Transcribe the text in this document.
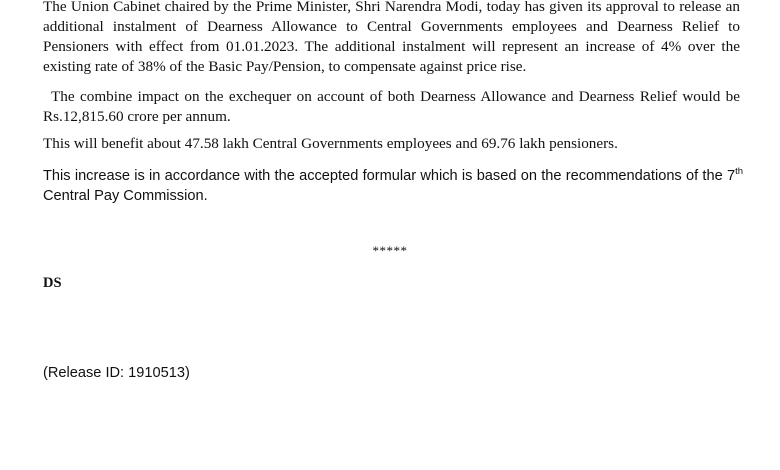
The Union Cabinet chaired by the Prime Minister, Shri Narendra Modi, today has given its approval to release an additional instalment of Dearness Allowance to Central Governments employees and Dearness Relief to Pensioners with effect from 01.01.2023. The additional instalment will represent an increase of 4% over the existing rate of 38% of the Basic Pay/Pension, to compensate against price rise.

The combine impact on the exchequer on account of both Dearness Allowance and Dearness Relief would be Rs.12,815.60 crore per annum.

This will benefit about 47.58 lakh Central Governments employees and 69.76 lakh pensioners.

This increase is in accordance with the accepted formular which is based on the recommendations of the 7th Central Pay Commission.

*****
DS
(Release ID: 1910513)
